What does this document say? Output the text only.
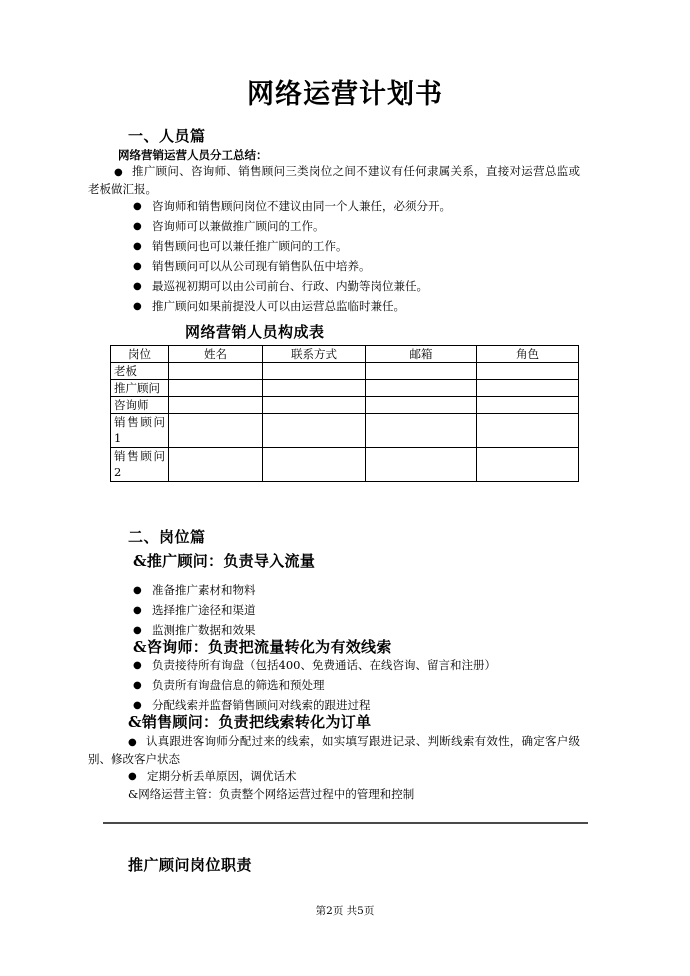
网络运营计划书
一、人员篇
网络营销运营人员分工总结：
● 推广顾问、咨询师、销售顾问三类岗位之间不建议有任何隶属关系，直接对运营总监或老板做汇报。
● 咨询师和销售顾问岗位不建议由同一个人兼任，必须分开。
● 咨询师可以兼做推广顾问的工作。
● 销售顾问也可以兼任推广顾问的工作。
● 销售顾问可以从公司现有销售队伍中培养。
● 最巡视初期可以由公司前台、行政、内勤等岗位兼任。
● 推广顾问如果前提没人可以由运营总监临时兼任。
网络营销人员构成表
岗位	姓名	联系方式	邮箱	角色
老板				
推广顾问				
咨询师				
销售顾问1				
销售顾问2				
二、岗位篇
&推广顾问：负责导入流量
● 准备推广素材和物料
● 选择推广途径和渠道
● 监测推广数据和效果
&咨询师：负责把流量转化为有效线索
● 负责接待所有询盘（包括400、免费通话、在线咨询、留言和注册）
● 负责所有询盘信息的筛选和预处理
● 分配线索并监督销售顾问对线索的跟进过程
&销售顾问：负责把线索转化为订单
● 认真跟进客询师分配过来的线索，如实填写跟进记录、判断线索有效性，确定客户级别、修改客户状态
● 定期分析丢单原因，调优话术
&网络运营主管：负责整个网络运营过程中的管理和控制
推广顾问岗位职责
第2页 共5页
